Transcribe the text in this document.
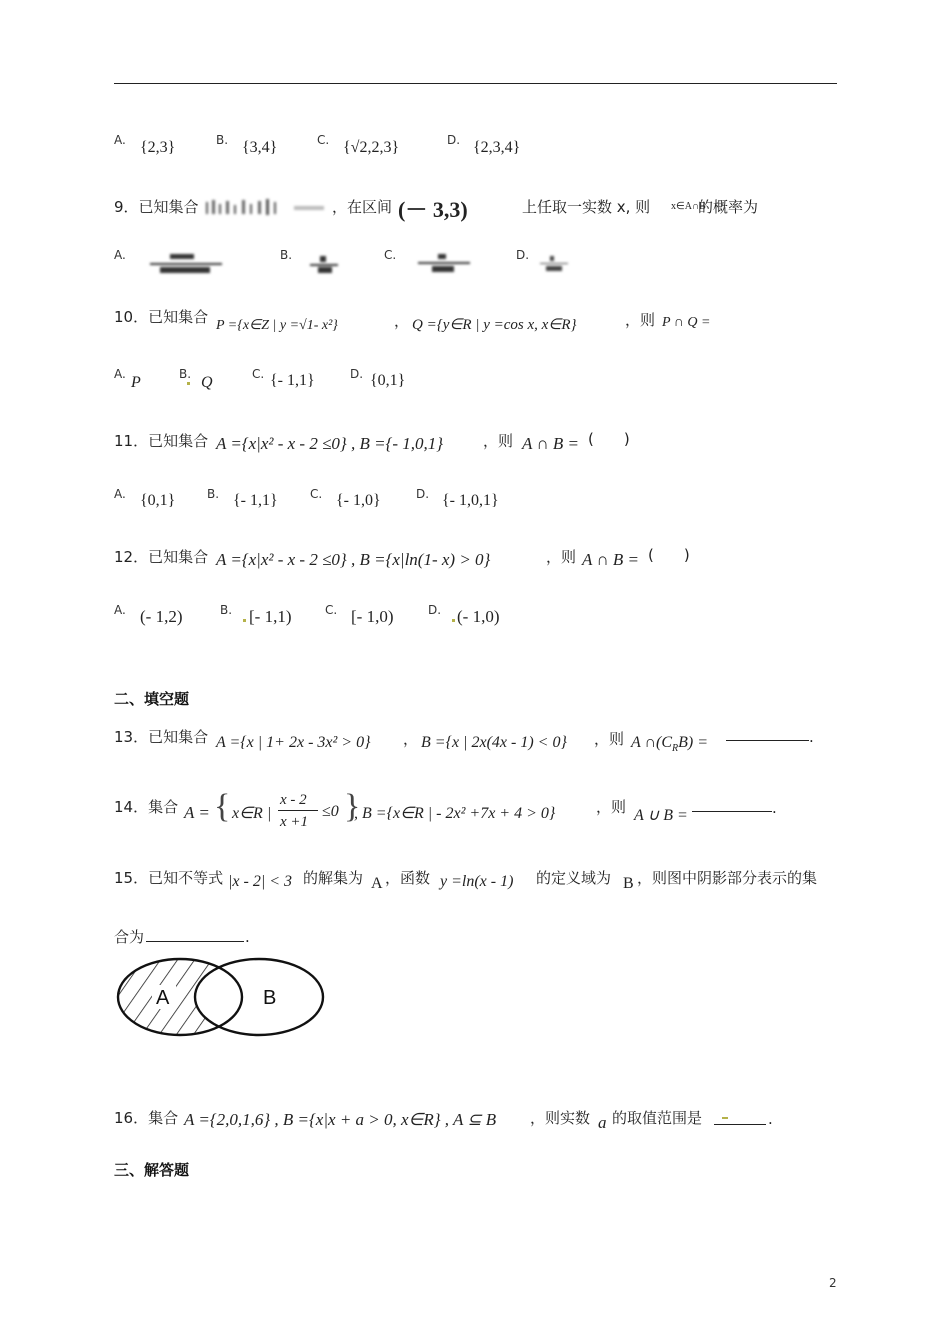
A. {2,3}	B. {3,4}	C. {√2,2,3}	D. {2,3,4}
9．已知集合	，在区间 (－ 3,3)	上任取一实数 x, 则 x∈A∩B
的概率为
A.	B.	C.	D.
10．已知集合 P ={x∈Z | y =√1- x²}	， Q ={y∈R | y =cos x, x∈R}	，则 P ∩ Q =
A. P	B. Q	C. {- 1,1}	D. {0,1}
11．已知集合 A ={x|x² - x - 2 ≤0} , B ={- 1,0,1}	，则 A ∩ B = (　　)
A. {0,1}	B. {- 1,1}	C. {- 1,0}	D. {- 1,0,1}
12．已知集合 A ={x|x² - x - 2 ≤0} , B ={x|ln(1- x) > 0}	，则 A ∩ B = (　　)
A. (- 1,2)	B. [- 1,1)	C. [- 1,0)	D. (- 1,0)
二、填空题
13．已知集合 A ={x | 1+ 2x - 3x² > 0} ， B ={x | 2x(4x - 1) < 0} ，则 A $\cap(C_RB)$ =	.
14．集合 A = { x∈R |
x - 2
x +1
≤0 }
, B ={x∈R | - 2x² +7x + 4 > 0}	，则 A ∪ B =	.
15．已知不等式 |x - 2| < 3 的解集为 A ，函数 y =ln(x - 1) 的定义域为 B ，则图中阴影部分表示的集
合为	.
A	B
16．集合 A ={2,0,1,6} , B ={x|x + a > 0, x∈R} , A ⊆ B ，则实数 a 的取值范围是	.
三、解答题
2
